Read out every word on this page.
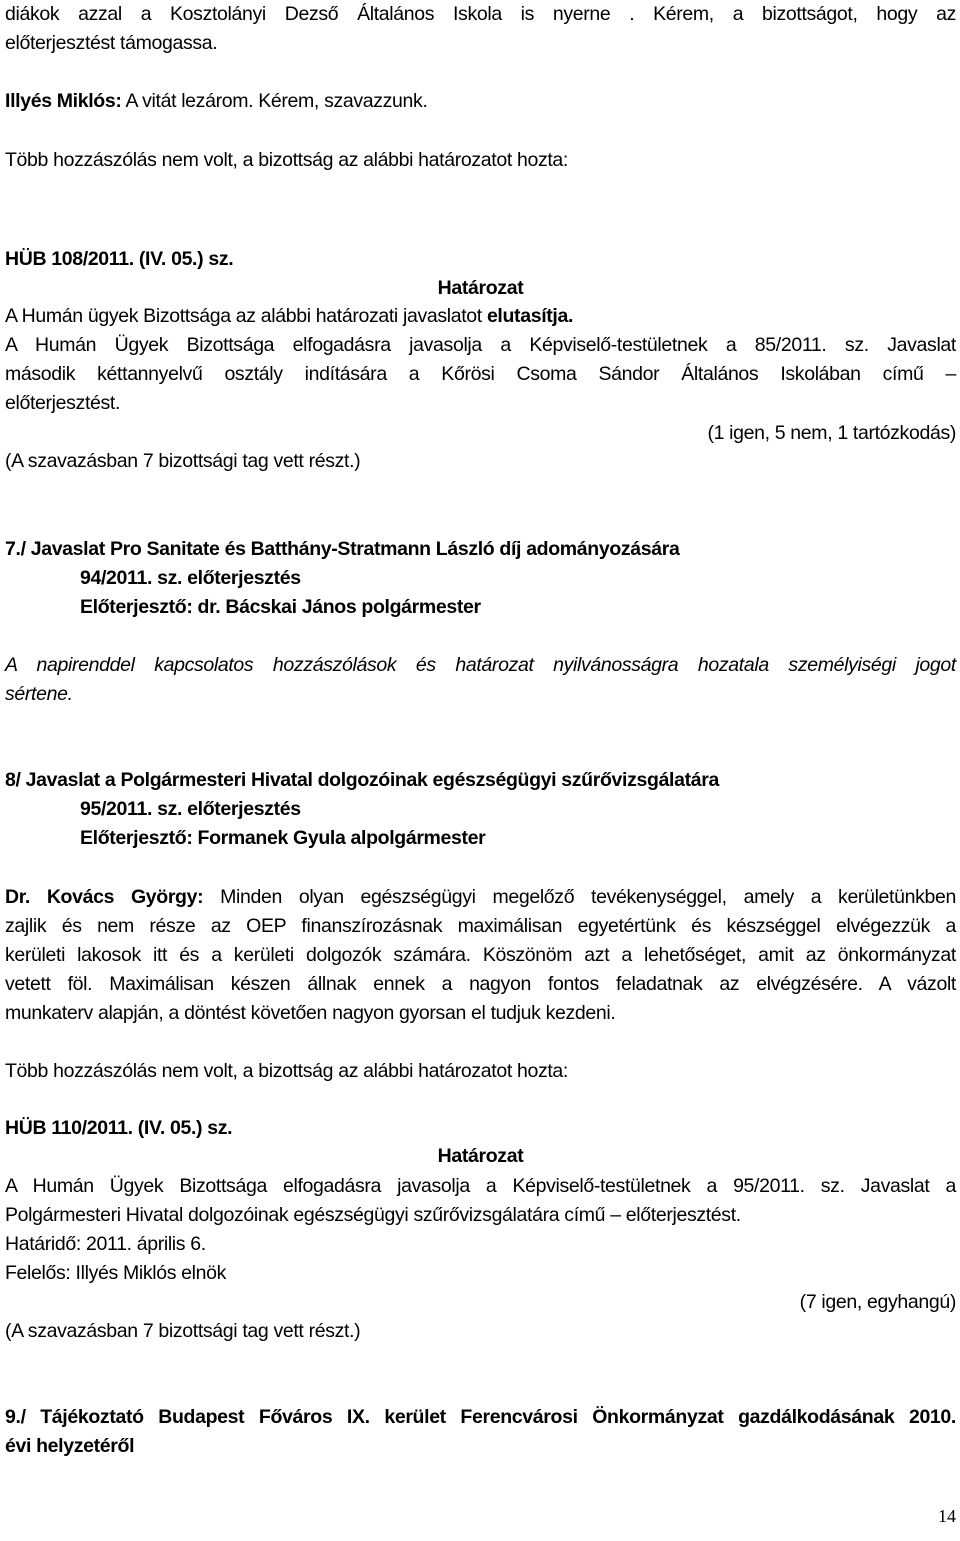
diákok azzal a Kosztolányi Dezső Általános Iskola is nyerne . Kérem, a bizottságot, hogy az
előterjesztést támogassa.
Illyés Miklós: A vitát lezárom. Kérem, szavazzunk.
Több hozzászólás nem volt, a bizottság az alábbi határozatot hozta:
HÜB 108/2011. (IV. 05.) sz.
Határozat
A Humán ügyek Bizottsága az alábbi határozati javaslatot elutasítja.
A Humán Ügyek Bizottsága elfogadásra javasolja a Képviselő-testületnek a 85/2011. sz. Javaslat
második kéttannyelvű osztály indítására a Kőrösi Csoma Sándor Általános Iskolában című –
előterjesztést.
(1 igen, 5 nem, 1 tartózkodás)
(A szavazásban 7 bizottsági tag vett részt.)
7./ Javaslat Pro Sanitate és Batthány-Stratmann László díj adományozására
94/2011. sz. előterjesztés
Előterjesztő: dr. Bácskai János polgármester
A napirenddel kapcsolatos hozzászólások és határozat nyilvánosságra hozatala személyiségi jogot
sértene.
8/ Javaslat a Polgármesteri Hivatal dolgozóinak egészségügyi szűrővizsgálatára
95/2011. sz. előterjesztés
Előterjesztő: Formanek Gyula alpolgármester
Dr. Kovács György: Minden olyan egészségügyi megelőző tevékenységgel, amely a kerületünkben
zajlik és nem része az OEP finanszírozásnak maximálisan egyetértünk és készséggel elvégezzük a
kerületi lakosok itt és a kerületi dolgozók számára. Köszönöm azt a lehetőséget, amit az önkormányzat
vetett föl. Maximálisan készen állnak ennek a nagyon fontos feladatnak az elvégzésére. A vázolt
munkaterv alapján, a döntést követően nagyon gyorsan el tudjuk kezdeni.
Több hozzászólás nem volt, a bizottság az alábbi határozatot hozta:
HÜB 110/2011. (IV. 05.) sz.
Határozat
A Humán Ügyek Bizottsága elfogadásra javasolja a Képviselő-testületnek a 95/2011. sz. Javaslat a
Polgármesteri Hivatal dolgozóinak egészségügyi szűrővizsgálatára című – előterjesztést.
Határidő: 2011. április 6.
Felelős: Illyés Miklós elnök
(7 igen, egyhangú)
(A szavazásban 7 bizottsági tag vett részt.)
9./ Tájékoztató Budapest Főváros IX. kerület Ferencvárosi Önkormányzat gazdálkodásának 2010.
évi helyzetéről
14
